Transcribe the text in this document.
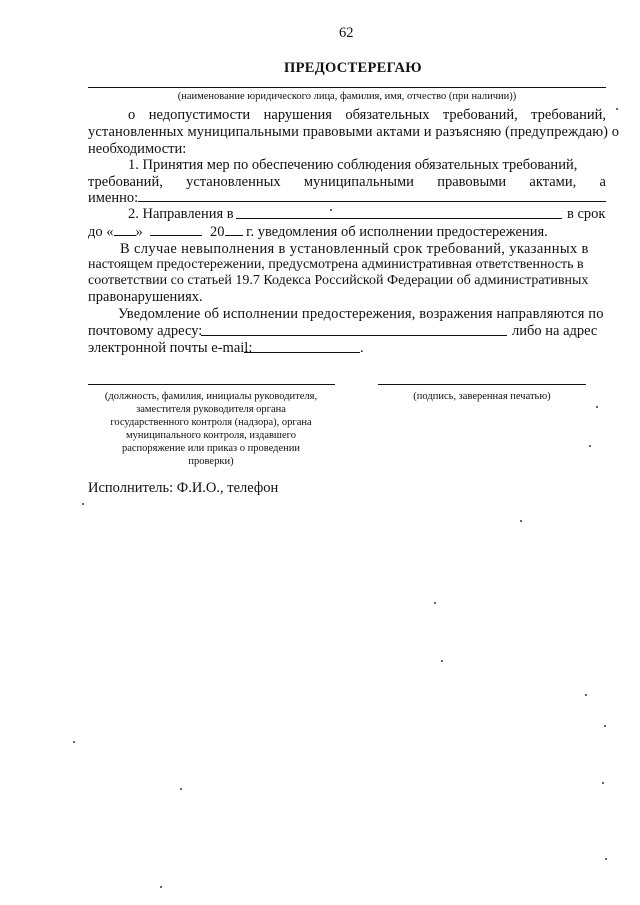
62
ПРЕДОСТЕРЕГАЮ
(наименование юридического лица, фамилия, имя, отчество (при наличии))
о недопустимости нарушения обязательных требований, требований,
установленных муниципальными правовыми актами и разъясняю (предупреждаю) о
необходимости:
1. Принятия мер по обеспечению соблюдения обязательных требований,
требований, установленных муниципальными правовыми актами, а
именно:
2. Направления в	в срок
до « »	20 г. уведомления об исполнении предостережения.
В случае невыполнения в установленный срок требований, указанных в
настоящем предостережении, предусмотрена административная ответственность в
соответствии со статьей 19.7 Кодекса Российской Федерации об административных
правонарушениях.
Уведомление об исполнении предостережения, возражения направляются по
почтовому адресу:	либо на адрес
электронной почты e-mail:	.
(должность, фамилия, инициалы руководителя,
заместителя руководителя органа
государственного контроля (надзора), органа
муниципального контроля, издавшего
распоряжение или приказ о проведении
проверки)
(подпись, заверенная печатью)
Исполнитель: Ф.И.О., телефон
